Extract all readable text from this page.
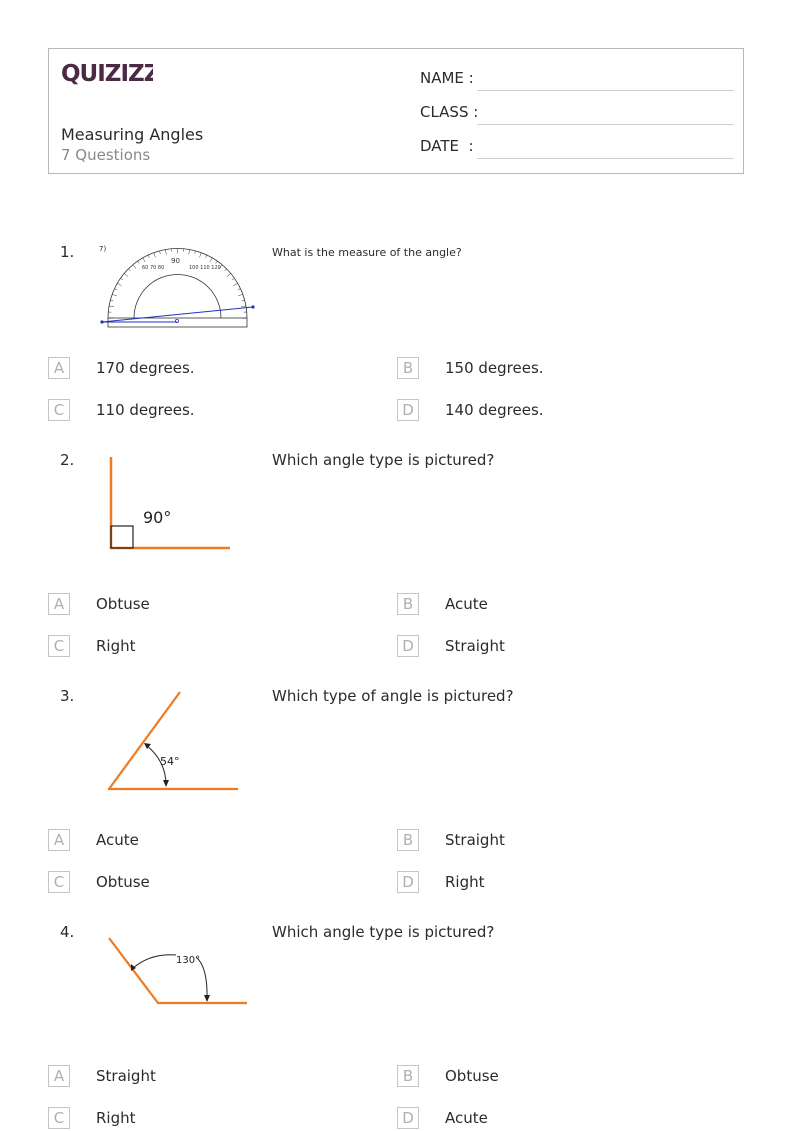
QUIZIZZ
Measuring Angles
7 Questions
NAME :
CLASS :
DATE  :
1.	7)
90
60 70 80	100 110 120
What is the measure of the angle?
A	170 degrees.	B	150 degrees.
C	110 degrees.	D	140 degrees.
2.
90°
Which angle type is pictured?
A	Obtuse	B	Acute
C	Right	D	Straight
3.
54°
Which type of angle is pictured?
A	Acute	B	Straight
C	Obtuse	D	Right
4.
130°
Which angle type is pictured?
A	Straight	B	Obtuse
C	Right	D	Acute
